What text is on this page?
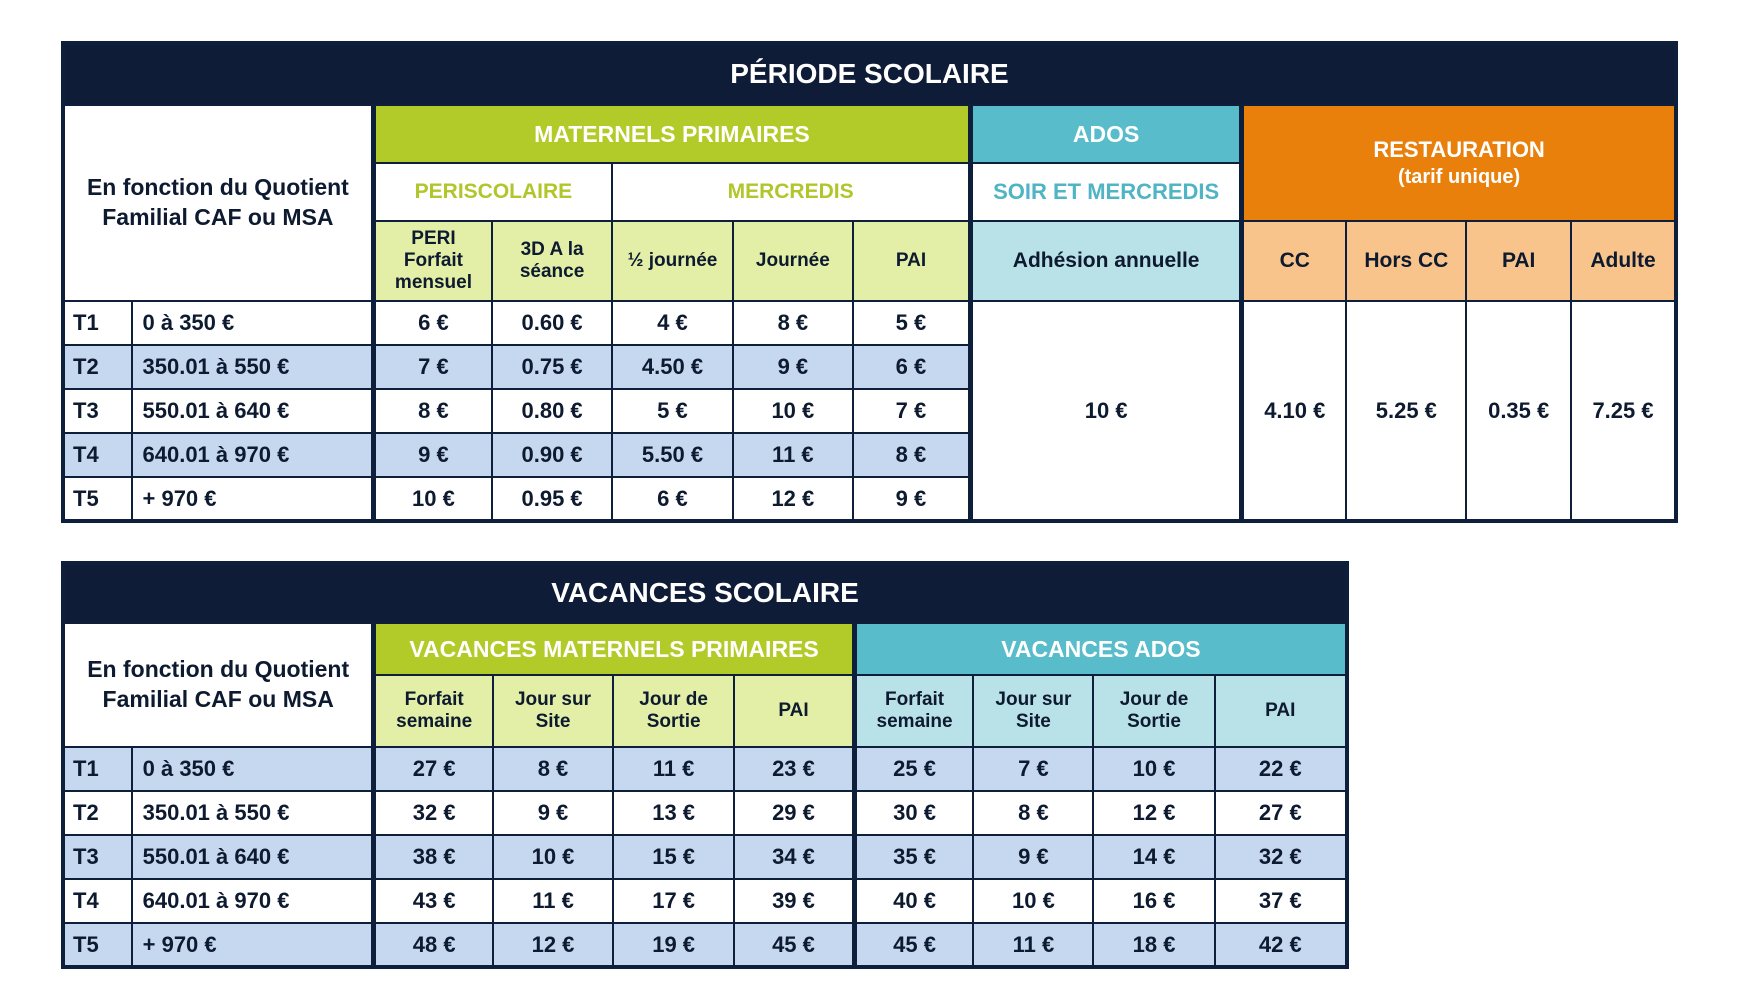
PÉRIODE SCOLAIRE											
En fonction du Quotient Familial CAF ou MSA		MATERNELS PRIMAIRES					ADOS	RESTAURATION
(tarif unique)			

		PERISCOLAIRE		MERCREDIS			SOIR ET MERCREDIS				
		PERI Forfait mensuel	3D A la séance	½ journée	Journée	PAI	Adhésion annuelle	CC	Hors CC	PAI	Adulte
T1	0 à 350 €	6 €	0.60 €	4 €	8 €	5 €	10 €	4.10 €	5.25 €	0.35 €	7.25 €
T2	350.01 à 550 €	7 €	0.75 €	4.50 €	9 €	6 €					
T3	550.01 à 640 €	8 €	0.80 €	5 €	10 €	7 €					
T4	640.01 à 970 €	9 €	0.90 €	5.50 €	11 €	8 €					
T5	+ 970 €	10 €	0.95 €	6 €	12 €	9 €					
VACANCES SCOLAIRE									
En fonction du Quotient Familial CAF ou MSA		VACANCES MATERNELS PRIMAIRES				VACANCES ADOS			
		Forfait semaine	Jour sur Site	Jour de Sortie	PAI	Forfait semaine	Jour sur Site	Jour de Sortie	PAI
T1	0 à 350 €	27 €	8 €	11 €	23 €	25 €	7 €	10 €	22 €
T2	350.01 à 550 €	32 €	9 €	13 €	29 €	30 €	8 €	12 €	27 €
T3	550.01 à 640 €	38 €	10 €	15 €	34 €	35 €	9 €	14 €	32 €
T4	640.01 à 970 €	43 €	11 €	17 €	39 €	40 €	10 €	16 €	37 €
T5	+ 970 €	48 €	12 €	19 €	45 €	45 €	11 €	18 €	42 €
